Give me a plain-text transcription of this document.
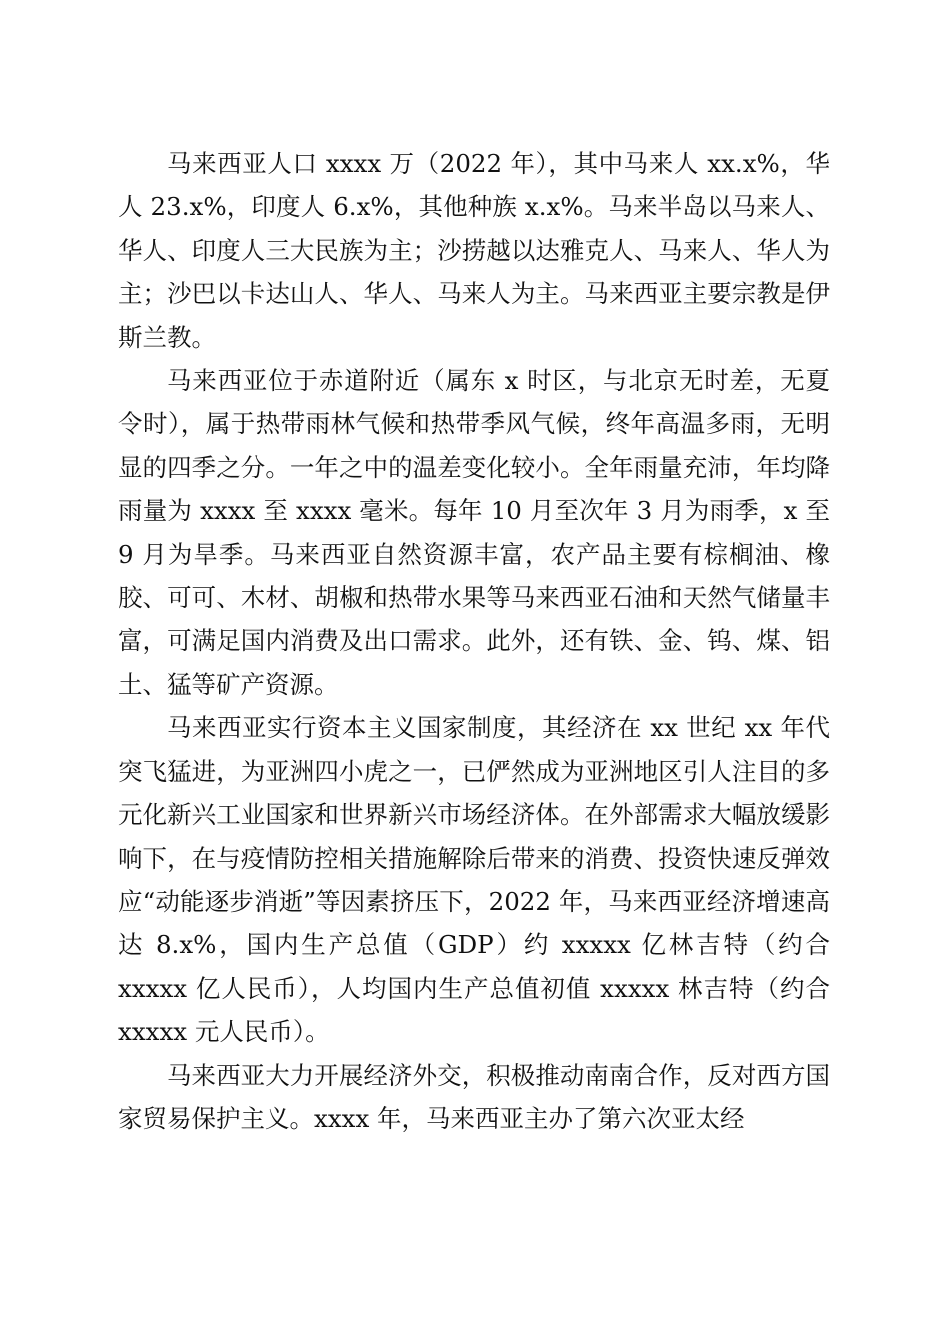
马来西亚人口 xxxx 万（2022 年），其中马来人 xx.x%，华人 23.x%，印度人 6.x%，其他种族 x.x%。马来半岛以马来人、华人、印度人三大民族为主；沙捞越以达雅克人、马来人、华人为主；沙巴以卡达山人、华人、马来人为主。马来西亚主要宗教是伊斯兰教。

马来西亚位于赤道附近（属东 x 时区，与北京无时差，无夏令时），属于热带雨林气候和热带季风气候，终年高温多雨，无明显的四季之分。一年之中的温差变化较小。全年雨量充沛，年均降雨量为 xxxx 至 xxxx 毫米。每年 10 月至次年 3 月为雨季，x 至 9 月为旱季。马来西亚自然资源丰富，农产品主要有棕榈油、橡胶、可可、木材、胡椒和热带水果等马来西亚石油和天然气储量丰富，可满足国内消费及出口需求。此外，还有铁、金、钨、煤、铝土、猛等矿产资源。

马来西亚实行资本主义国家制度，其经济在 xx 世纪 xx 年代突飞猛进，为亚洲四小虎之一，已俨然成为亚洲地区引人注目的多元化新兴工业国家和世界新兴市场经济体。在外部需求大幅放缓影响下，在与疫情防控相关措施解除后带来的消费、投资快速反弹效应“动能逐步消逝”等因素挤压下，2022 年，马来西亚经济增速高达 8.x%，国内生产总值（GDP）约 xxxxx 亿林吉特（约合 xxxxx 亿人民币），人均国内生产总值初值 xxxxx 林吉特（约合 xxxxx 元人民币）。

马来西亚大力开展经济外交，积极推动南南合作，反对西方国家贸易保护主义。xxxx 年，马来西亚主办了第六次亚太经
